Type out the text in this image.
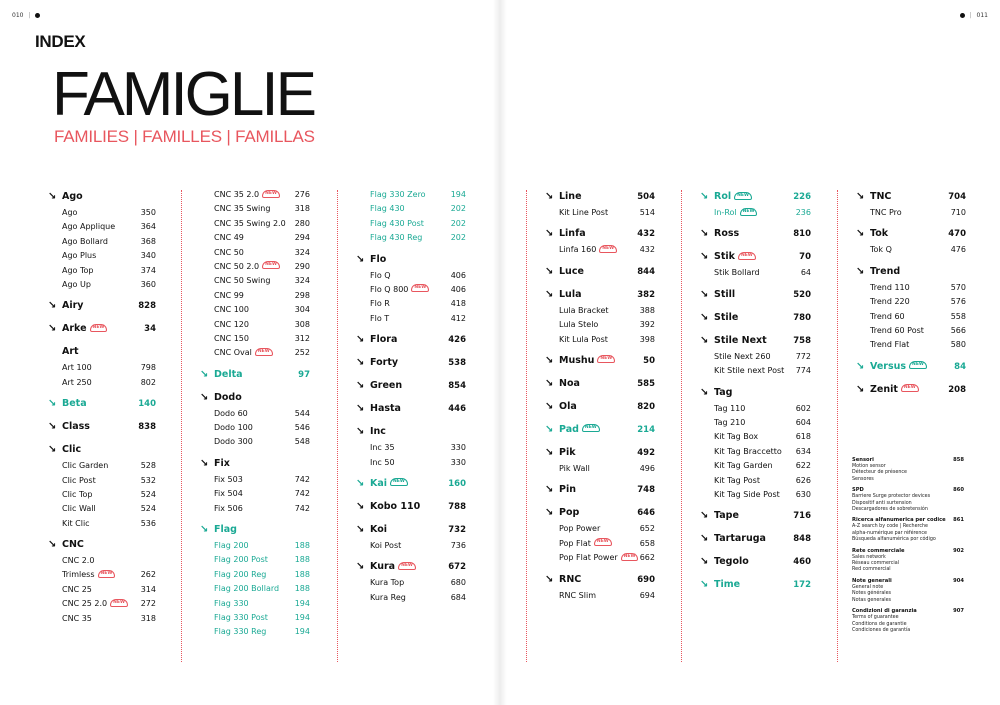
010 |	| 011
INDEX
FAMIGLIE
FAMILIES | FAMILLES | FAMILLAS
↘ Ago
Ago	350
Ago Applique	364
Ago Bollard	368
Ago Plus	340
Ago Top	374
Ago Up	360
↘ Airy	828
↘ Arke NEW	34
Art
Art 100	798
Art 250	802
↘ Beta	140
↘ Class	838
↘ Clic
Clic Garden	528
Clic Post	532
Clic Top	524
Clic Wall	524
Kit Clic	536
↘ CNC
CNC 2.0
Trimless NEW	262
CNC 25	314
CNC 25 2.0 NEW	272
CNC 35	318
CNC 35 2.0 NEW	276
CNC 35 Swing	318
CNC 35 Swing 2.0 280
CNC 49	294
CNC 50	324
CNC 50 2.0 NEW	290
CNC 50 Swing	324
CNC 99	298
CNC 100	304
CNC 120	308
CNC 150	312
CNC Oval NEW	252
↘ Delta	97
↘ Dodo
Dodo 60	544
Dodo 100	546
Dodo 300	548
↘ Fix
Fix 503	742
Fix 504	742
Fix 506	742
↘ Flag
Flag 200	188
Flag 200 Post	188
Flag 200 Reg	188
Flag 200 Bollard 188
Flag 330	194
Flag 330 Post	194
Flag 330 Reg	194
Flag 330 Zero	194
Flag 430	202
Flag 430 Post	202
Flag 430 Reg	202
↘ Flo
Flo Q	406
Flo Q 800 NEW	406
Flo R	418
Flo T	412
↘ Flora	426
↘ Forty	538
↘ Green	854
↘ Hasta	446
↘ Inc
Inc 35	330
Inc 50	330
↘ Kai NEW	160
↘ Kobo 110	788
↘ Koi	732
Koi Post	736
↘ Kura NEW	672
Kura Top	680
Kura Reg	684
↘ Line	504
Kit Line Post	514
↘ Linfa	432
Linfa 160 NEW	432
↘ Luce	844
↘ Lula	382
Lula Bracket	388
Lula Stelo	392
Kit Lula Post	398
↘ Mushu NEW	50
↘ Noa	585
↘ Ola	820
↘ Pad NEW	214
↘ Pik	492
Pik Wall	496
↘ Pin	748
↘ Pop	646
Pop Power	652
Pop Flat NEW	658
Pop Flat Power NEW 662
↘ RNC	690
RNC Slim	694
↘ Rol NEW	226
In-Rol NEW	236
↘ Ross	810
↘ Stik NEW	70
Stik Bollard	64
↘ Still	520
↘ Stile	780
↘ Stile Next	758
Stile Next 260	772
Kit Stile next Post 774
↘ Tag
Tag 110	602
Tag 210	604
Kit Tag Box	618
Kit Tag Braccetto 634
Kit Tag Garden	622
Kit Tag Post	626
Kit Tag Side Post 630
↘ Tape	716
↘ Tartaruga	848
↘ Tegolo	460
↘ Time	172
↘ TNC	704
TNC Pro	710
↘ Tok	470
Tok Q	476
↘ Trend
Trend 110	570
Trend 220	576
Trend 60	558
Trend 60 Post	566
Trend Flat	580
↘ Versus NEW	84
↘ Zenit NEW	208
Sensori	858
Motion sensor
Détecteur de présence
Sensores
SPD	860
Barriere Surge protector devices
Dispositif anti surtension
Descargadores de sobretensión
Ricerca alfanumerica per codice	861
A-Z search by code | Recherche
alpha-numérique par référence
Búsqueda alfanumérica por código
Rete commerciale	902
Sales network
Réseau commercial
Red commercial
Note generali	904
General note
Notes générales
Notas generales
Condizioni di garanzia	907
Terms of guarantee
Conditions de garantie
Condiciones de garantía
